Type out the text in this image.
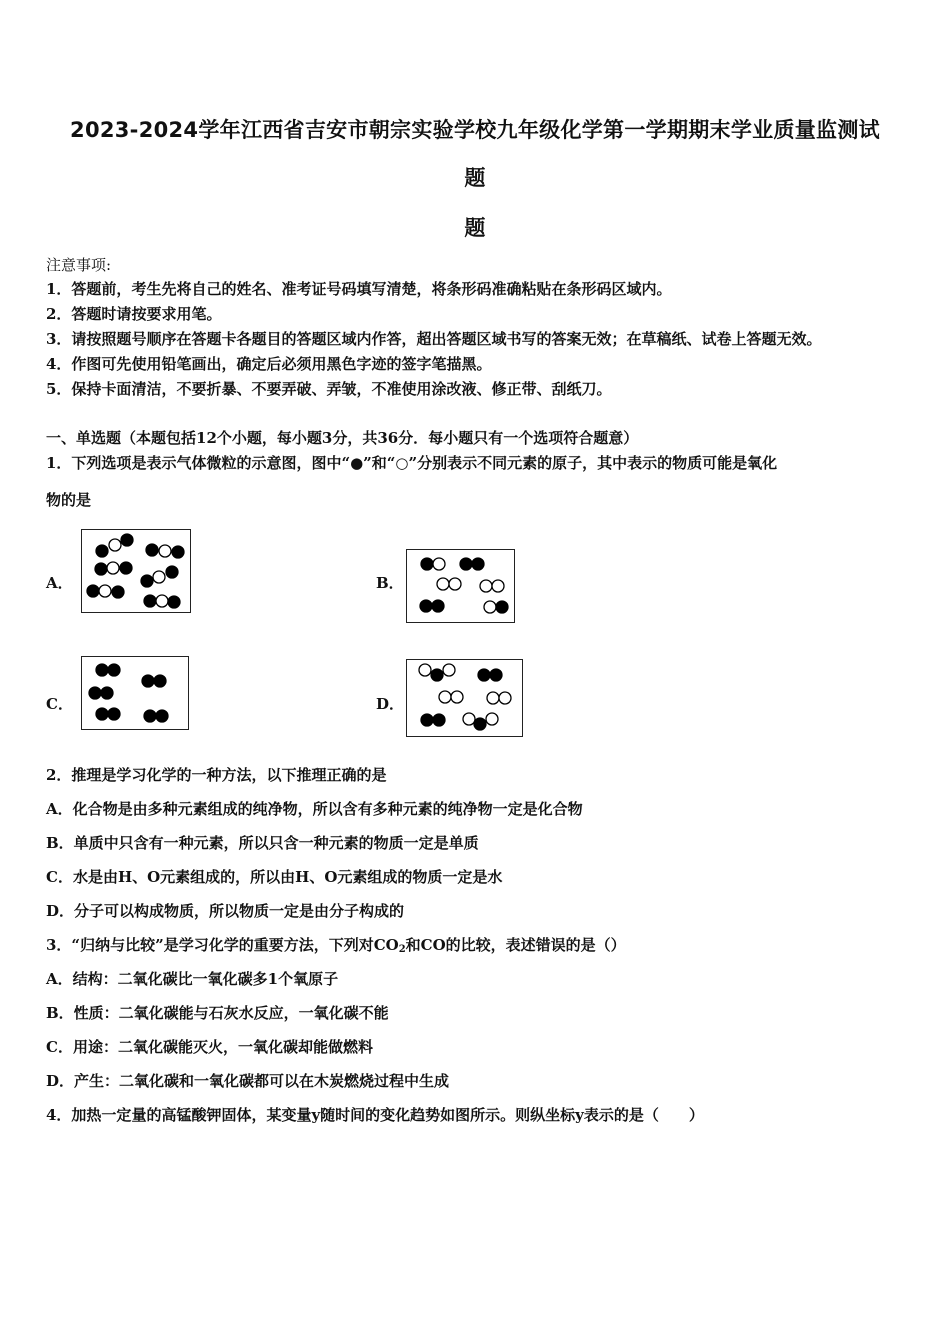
2023-2024学年江西省吉安市朝宗实验学校九年级化学第一学期期末学业质量监测试
题
题
注意事项:
1．答题前，考生先将自己的姓名、准考证号码填写清楚，将条形码准确粘贴在条形码区域内。
2．答题时请按要求用笔。
3．请按照题号顺序在答题卡各题目的答题区域内作答，超出答题区域书写的答案无效；在草稿纸、试卷上答题无效。
4．作图可先使用铅笔画出，确定后必须用黑色字迹的签字笔描黑。
5．保持卡面清洁，不要折暴、不要弄破、弄皱，不准使用涂改液、修正带、刮纸刀。
一、单选题（本题包括12个小题，每小题3分，共36分．每小题只有一个选项符合题意）
1．下列选项是表示气体微粒的示意图，图中“●”和“○”分别表示不同元素的原子，其中表示的物质可能是氧化
物的是
A．	B．
C．	D．
2．推理是学习化学的一种方法，以下推理正确的是
A．化合物是由多种元素组成的纯净物，所以含有多种元素的纯净物一定是化合物
B．单质中只含有一种元素，所以只含一种元素的物质一定是单质
C．水是由H、O元素组成的，所以由H、O元素组成的物质一定是水
D．分子可以构成物质，所以物质一定是由分子构成的
3．“归纳与比较”是学习化学的重要方法，下列对$CO_2$和CO的比较，表述错误的是（）
A．结构：二氧化碳比一氧化碳多1个氧原子
B．性质：二氧化碳能与石灰水反应，一氧化碳不能
C．用途：二氧化碳能灭火，一氧化碳却能做燃料
D．产生：二氧化碳和一氧化碳都可以在木炭燃烧过程中生成
4．加热一定量的高锰酸钾固体，某变量y随时间的变化趋势如图所示。则纵坐标y表示的是（　　）
